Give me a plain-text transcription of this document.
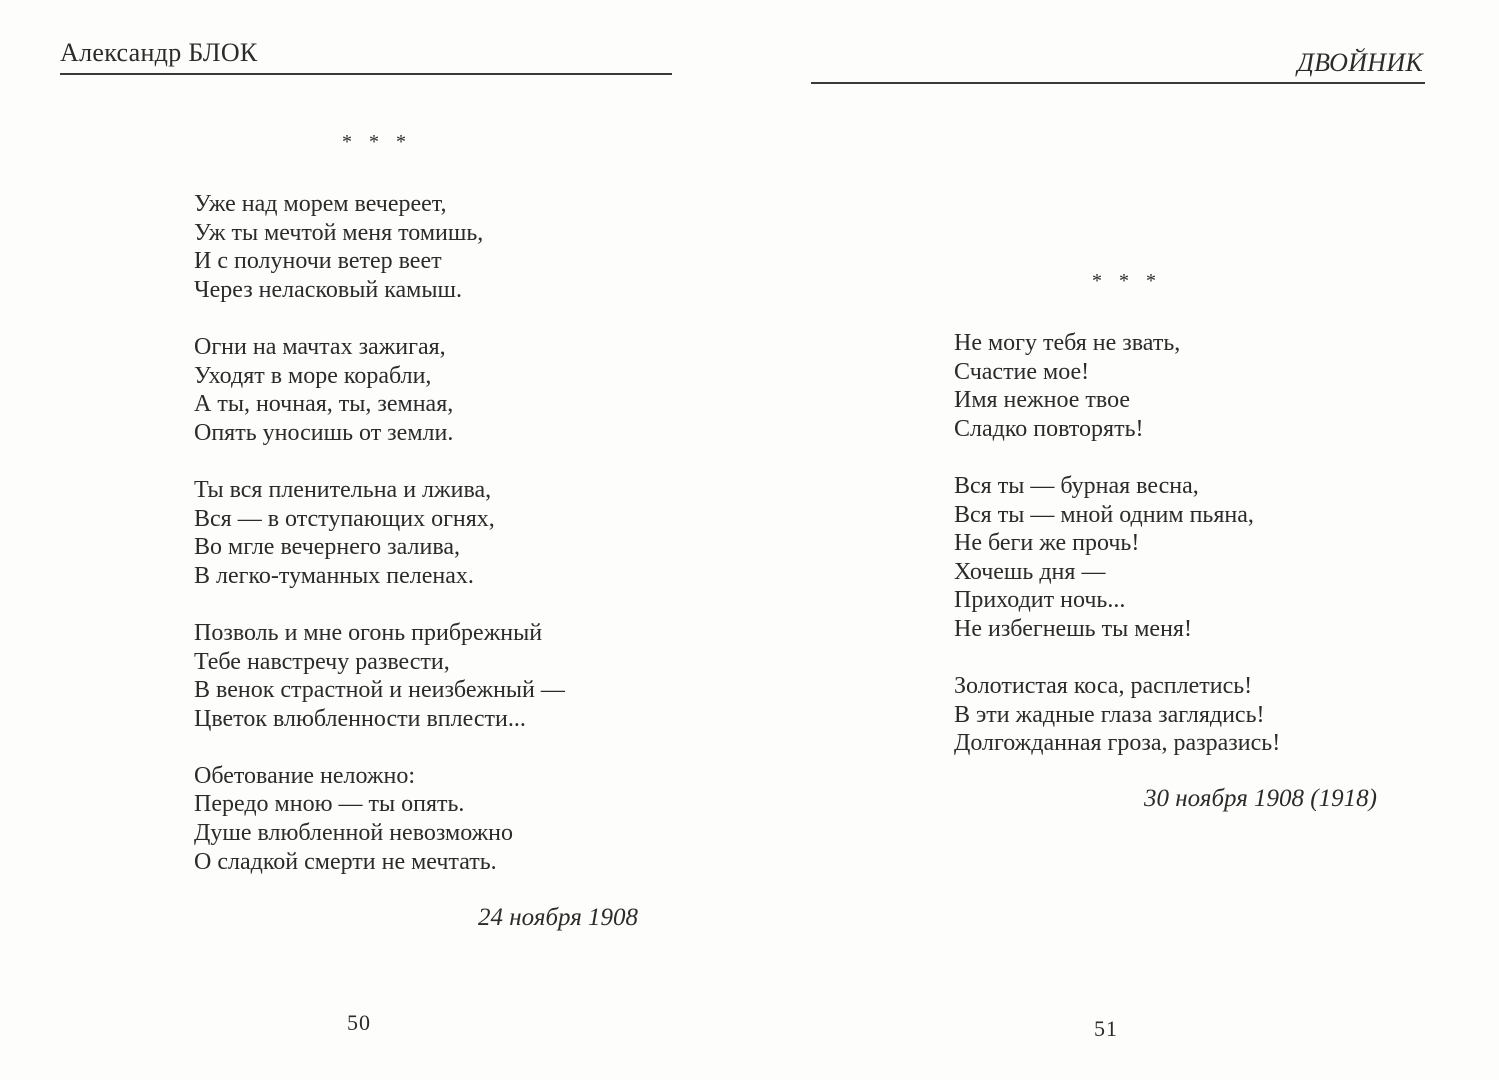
Александр БЛОК
* * *
Уже над морем вечереет,
Уж ты мечтой меня томишь,
И с полуночи ветер веет
Через неласковый камыш.
Огни на мачтах зажигая,
Уходят в море корабли,
А ты, ночная, ты, земная,
Опять уносишь от земли.
Ты вся пленительна и лжива,
Вся — в отступающих огнях,
Во мгле вечернего залива,
В легко-туманных пеленах.
Позволь и мне огонь прибрежный
Тебе навстречу развести,
В венок страстной и неизбежный —
Цветок влюбленности вплести...
Обетование неложно:
Передо мною — ты опять.
Душе влюбленной невозможно
О сладкой смерти не мечтать.
24 ноября 1908
50
ДВОЙНИК
* * *
Не могу тебя не звать,
Счастие мое!
Имя нежное твое
Сладко повторять!
Вся ты — бурная весна,
Вся ты — мной одним пьяна,
Не беги же прочь!
Хочешь дня —
Приходит ночь...
Не избегнешь ты меня!
Золотистая коса, расплетись!
В эти жадные глаза заглядись!
Долгожданная гроза, разразись!
30 ноября 1908 (1918)
51
